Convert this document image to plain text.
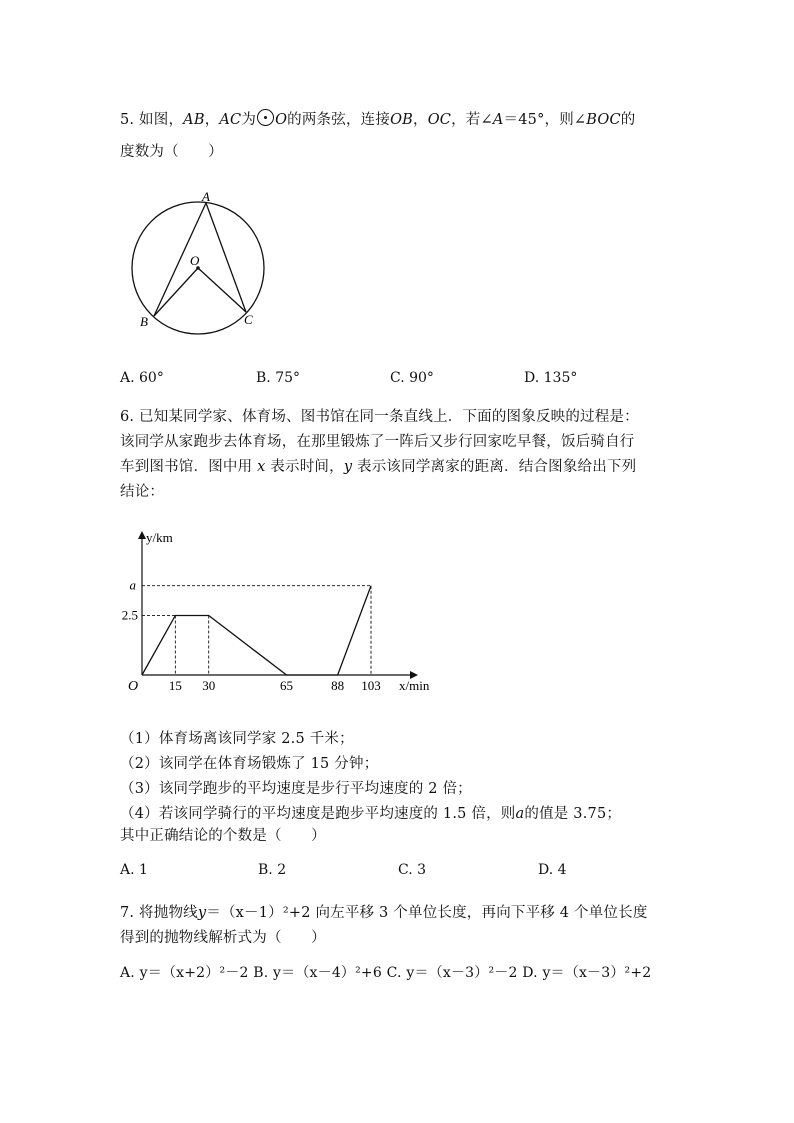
5. 如图，AB，AC为 O的两条弦，连接OB，OC，若∠A＝45°，则∠BOC的
度数为（　　）
A
O
B	C
A. 60°	B. 75°	C. 90°	D. 135°
6. 已知某同学家、体育场、图书馆在同一条直线上．下面的图象反映的过程是：
该同学从家跑步去体育场，在那里锻炼了一阵后又步行回家吃早餐，饭后骑自行
车到图书馆．图中用 x 表示时间，y 表示该同学离家的距离．结合图象给出下列
结论：
15 30	65	88 103
2.5
a
O
y/km
x/min
（1）体育场离该同学家 2.5 千米；
（2）该同学在体育场锻炼了 15 分钟；
（3）该同学跑步的平均速度是步行平均速度的 2 倍；
（4）若该同学骑行的平均速度是跑步平均速度的 1.5 倍，则a的值是 3.75；
其中正确结论的个数是（　　）
A. 1	B. 2	C. 3	D. 4
7. 将抛物线y＝（x－1）²+2 向左平移 3 个单位长度，再向下平移 4 个单位长度
得到的抛物线解析式为（　　）
A. y＝（x+2）²－2 B. y＝（x－4）²+6 C. y＝（x－3）²－2 D. y＝（x－3）²+2
